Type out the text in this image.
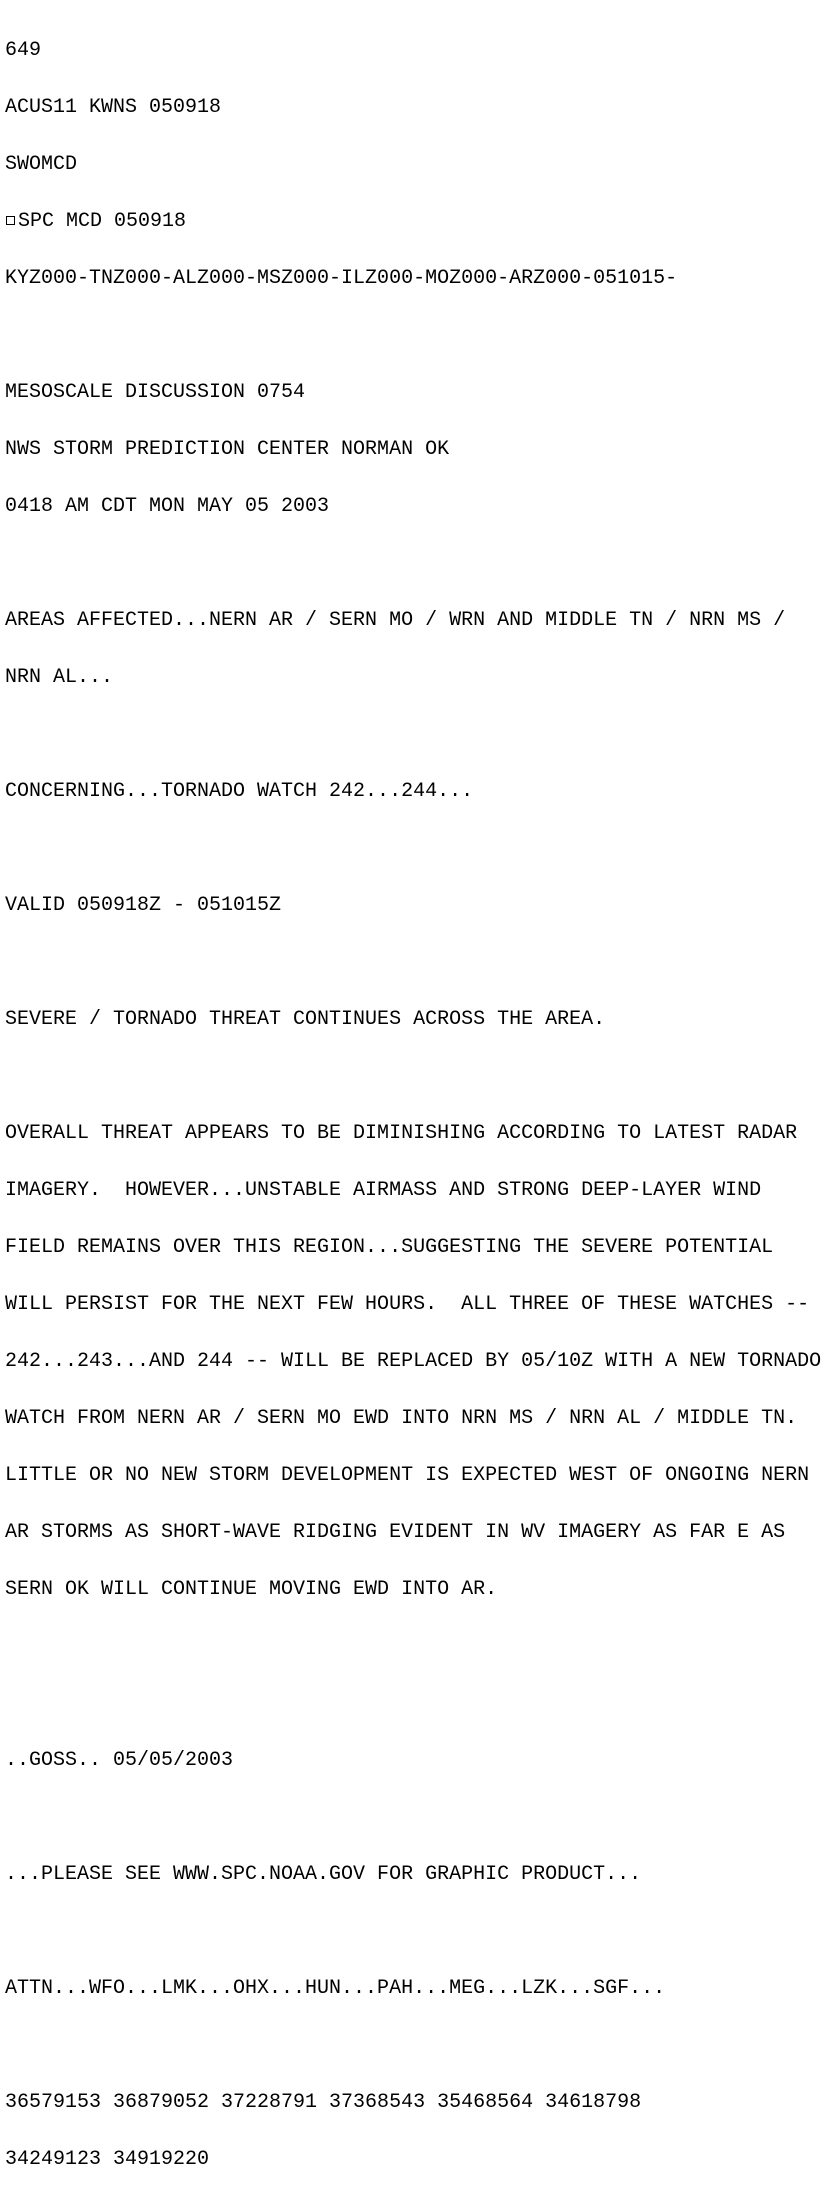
649

ACUS11 KWNS 050918

SWOMCD

SPC MCD 050918

KYZ000-TNZ000-ALZ000-MSZ000-ILZ000-MOZ000-ARZ000-051015-

MESOSCALE DISCUSSION 0754

NWS STORM PREDICTION CENTER NORMAN OK

0418 AM CDT MON MAY 05 2003

AREAS AFFECTED...NERN AR / SERN MO / WRN AND MIDDLE TN / NRN MS /

NRN AL...

CONCERNING...TORNADO WATCH 242...244...

VALID 050918Z - 051015Z

SEVERE / TORNADO THREAT CONTINUES ACROSS THE AREA.

OVERALL THREAT APPEARS TO BE DIMINISHING ACCORDING TO LATEST RADAR

IMAGERY.  HOWEVER...UNSTABLE AIRMASS AND STRONG DEEP-LAYER WIND

FIELD REMAINS OVER THIS REGION...SUGGESTING THE SEVERE POTENTIAL

WILL PERSIST FOR THE NEXT FEW HOURS.  ALL THREE OF THESE WATCHES --

242...243...AND 244 -- WILL BE REPLACED BY 05/10Z WITH A NEW TORNADO

WATCH FROM NERN AR / SERN MO EWD INTO NRN MS / NRN AL / MIDDLE TN.

LITTLE OR NO NEW STORM DEVELOPMENT IS EXPECTED WEST OF ONGOING NERN

AR STORMS AS SHORT-WAVE RIDGING EVIDENT IN WV IMAGERY AS FAR E AS

SERN OK WILL CONTINUE MOVING EWD INTO AR.

..GOSS.. 05/05/2003

...PLEASE SEE WWW.SPC.NOAA.GOV FOR GRAPHIC PRODUCT...

ATTN...WFO...LMK...OHX...HUN...PAH...MEG...LZK...SGF...

36579153 36879052 37228791 37368543 35468564 34618798

34249123 34919220
